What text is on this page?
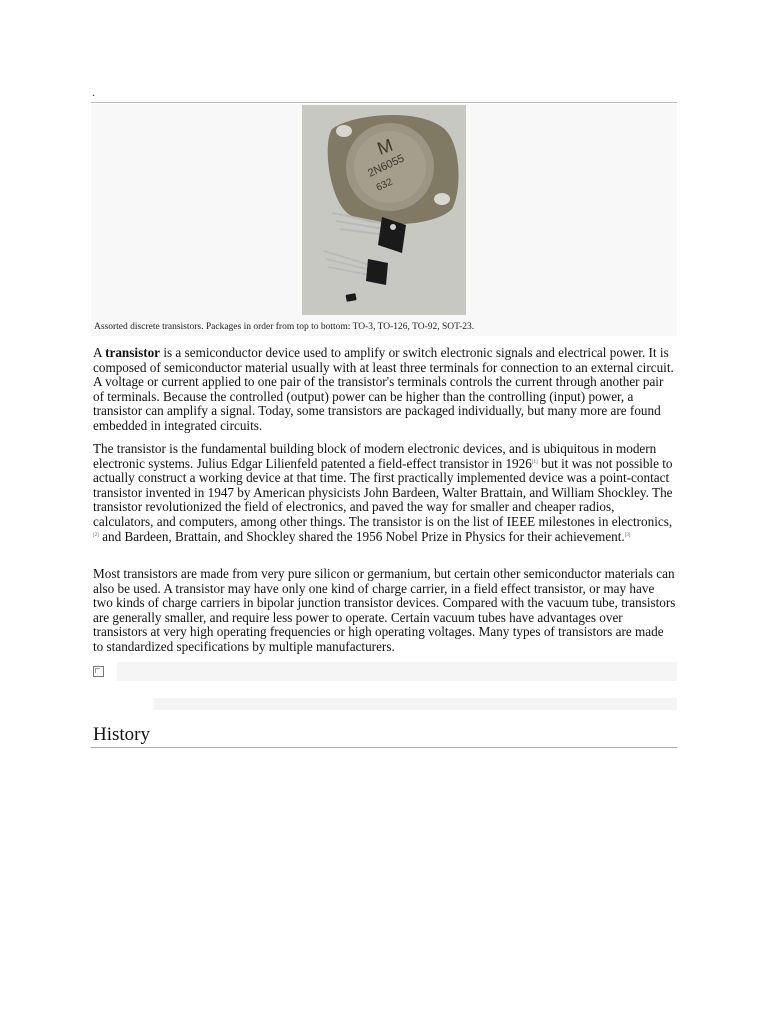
.
M
2N6055
632
Assorted discrete transistors. Packages in order from top to bottom: TO-3, TO-126, TO-92, SOT-23.

A transistor is a semiconductor device used to amplify or switch electronic signals and electrical power. It is composed of semiconductor material usually with at least three terminals for connection to an external circuit. A voltage or current applied to one pair of the transistor's terminals controls the current through another pair of terminals. Because the controlled (output) power can be higher than the controlling (input) power, a transistor can amplify a signal. Today, some transistors are packaged individually, but many more are found embedded in integrated circuits.

The transistor is the fundamental building block of modern electronic devices, and is ubiquitous in modern electronic systems. Julius Edgar Lilienfeld patented a field-effect transistor in 1926[1] but it was not possible to actually construct a working device at that time. The first practically implemented device was a point-contact transistor invented in 1947 by American physicists John Bardeen, Walter Brattain, and William Shockley. The transistor revolutionized the field of electronics, and paved the way for smaller and cheaper radios, calculators, and computers, among other things. The transistor is on the list of IEEE milestones in electronics,[2] and Bardeen, Brattain, and Shockley shared the 1956 Nobel Prize in Physics for their achievement.[3]

Most transistors are made from very pure silicon or germanium, but certain other semiconductor materials can also be used. A transistor may have only one kind of charge carrier, in a field effect transistor, or may have two kinds of charge carriers in bipolar junction transistor devices. Compared with the vacuum tube, transistors are generally smaller, and require less power to operate. Certain vacuum tubes have advantages over transistors at very high operating frequencies or high operating voltages. Many types of transistors are made to standardized specifications by multiple manufacturers.

History
